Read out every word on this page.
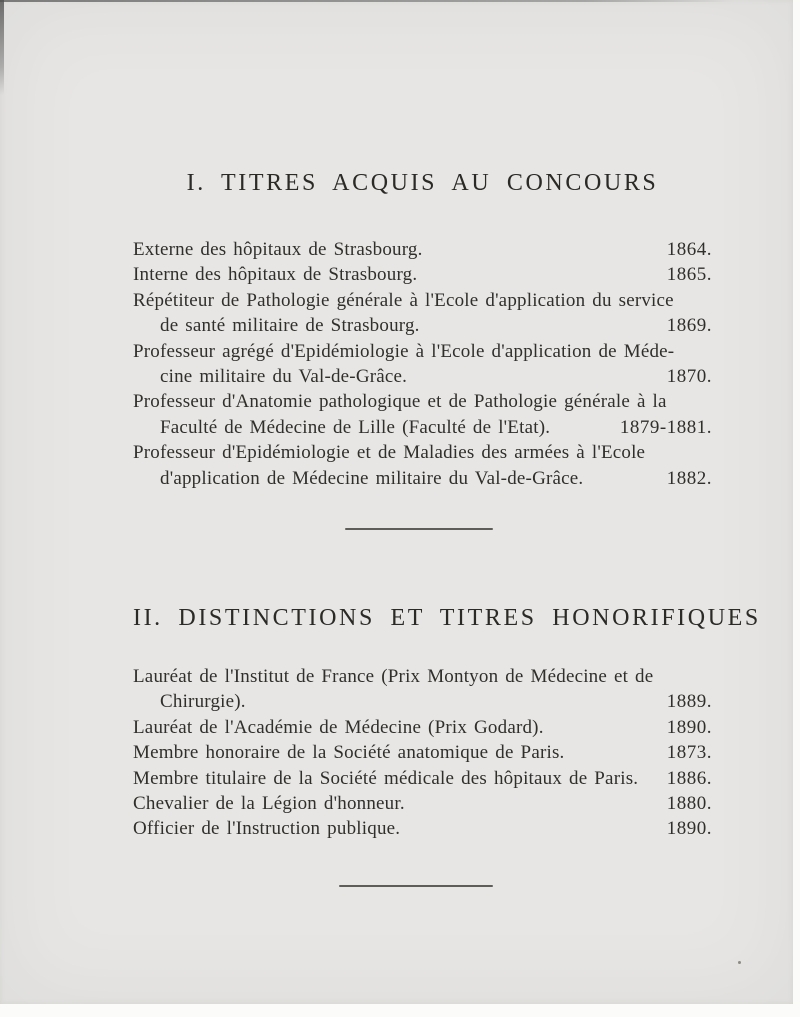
I. TITRES ACQUIS AU CONCOURS
Externe des hôpitaux de Strasbourg.	1864.
Interne des hôpitaux de Strasbourg.	1865.
Répétiteur de Pathologie générale à l'Ecole d'application du service
de santé militaire de Strasbourg.	1869.
Professeur agrégé d'Epidémiologie à l'Ecole d'application de Méde-
cine militaire du Val-de-Grâce.	1870.
Professeur d'Anatomie pathologique et de Pathologie générale à la
Faculté de Médecine de Lille (Faculté de l'Etat).	1879-1881.
Professeur d'Epidémiologie et de Maladies des armées à l'Ecole
d'application de Médecine militaire du Val-de-Grâce.	1882.
II. DISTINCTIONS ET TITRES HONORIFIQUES
Lauréat de l'Institut de France (Prix Montyon de Médecine et de
Chirurgie).	1889.
Lauréat de l'Académie de Médecine (Prix Godard).	1890.
Membre honoraire de la Société anatomique de Paris.	1873.
Membre titulaire de la Société médicale des hôpitaux de Paris.	1886.
Chevalier de la Légion d'honneur.	1880.
Officier de l'Instruction publique.	1890.
